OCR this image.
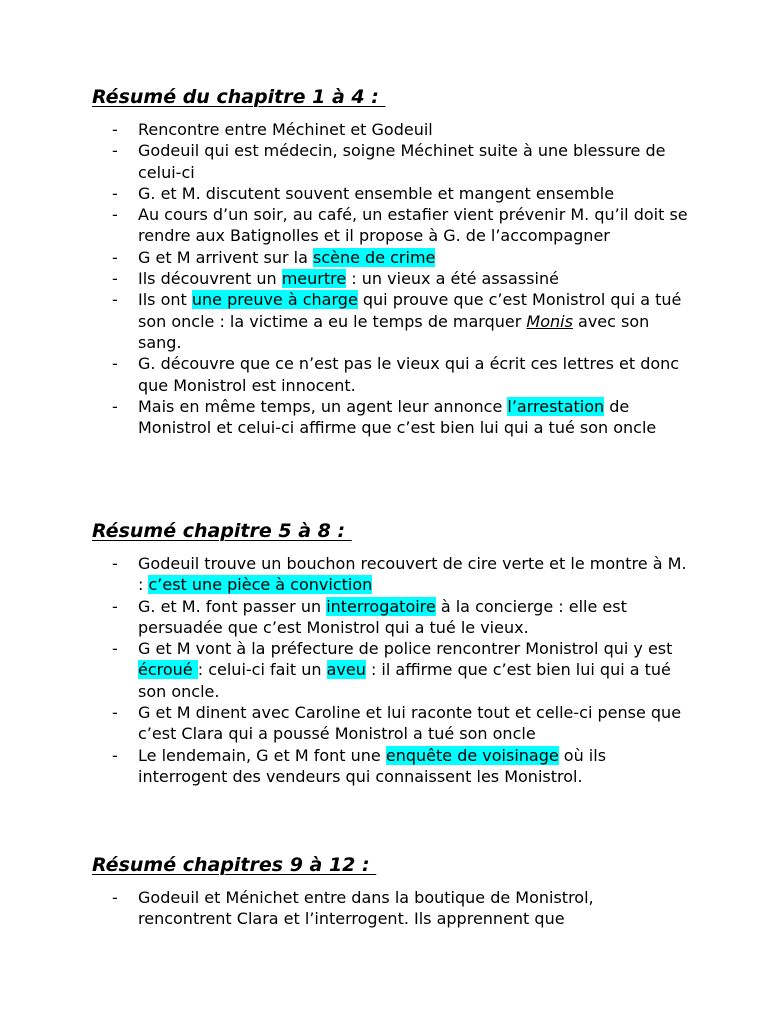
Résumé du chapitre 1 à 4 :
- Rencontre entre Méchinet et Godeuil
- Godeuil qui est médecin, soigne Méchinet suite à une blessure de celui-ci
- G. et M. discutent souvent ensemble et mangent ensemble
- Au cours d’un soir, au café, un estafier vient prévenir M. qu’il doit se rendre aux Batignolles et il propose à G. de l’accompagner
- G et M arrivent sur la scène de crime
- Ils découvrent un meurtre : un vieux a été assassiné
- Ils ont une preuve à charge qui prouve que c’est Monistrol qui a tué son oncle : la victime a eu le temps de marquer Monis avec son sang.
- G. découvre que ce n’est pas le vieux qui a écrit ces lettres et donc que Monistrol est innocent.
- Mais en même temps, un agent leur annonce l’arrestation de Monistrol et celui-ci affirme que c’est bien lui qui a tué son oncle
Résumé chapitre 5 à 8 :
- Godeuil trouve un bouchon recouvert de cire verte et le montre à M. : c’est une pièce à conviction
- G. et M. font passer un interrogatoire à la concierge : elle est persuadée que c’est Monistrol qui a tué le vieux.
- G et M vont à la préfecture de police rencontrer Monistrol qui y est écroué : celui-ci fait un aveu : il affirme que c’est bien lui qui a tué son oncle.
- G et M dinent avec Caroline et lui raconte tout et celle-ci pense que c’est Clara qui a poussé Monistrol a tué son oncle
- Le lendemain, G et M font une enquête de voisinage où ils interrogent des vendeurs qui connaissent les Monistrol.
Résumé chapitres 9 à 12 :
- Godeuil et Ménichet entre dans la boutique de Monistrol, rencontrent Clara et l’interrogent. Ils apprennent que
